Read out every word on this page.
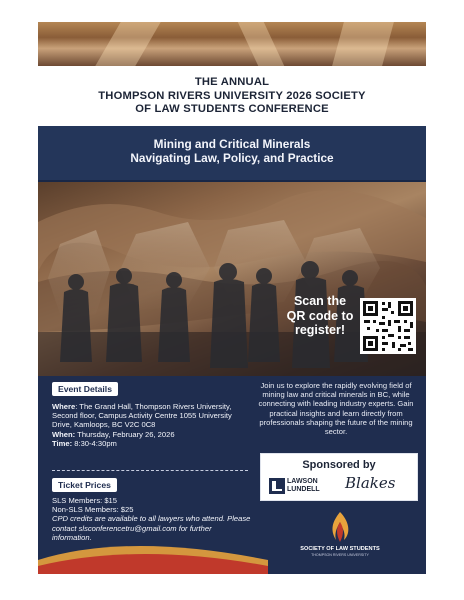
THE ANNUAL
THOMPSON RIVERS UNIVERSITY 2026 SOCIETY
OF LAW STUDENTS CONFERENCE
Mining and Critical Minerals
Navigating Law, Policy, and Practice
Scan the
QR code to
register!
Event Details
Where: The Grand Hall, Thompson Rivers University, Second floor, Campus Activity Centre 1055 University Drive, Kamloops, BC V2C 0C8
When: Thursday, February 26, 2026
Time: 8:30-4:30pm
Ticket Prices
SLS Members: $15
Non-SLS Members: $25
CPD credits are available to all lawyers who attend. Please contact slsconferencetru@gmail.com for further information.
Join us to explore the rapidly evolving field of mining law and critical minerals in BC, while connecting with leading industry experts. Gain practical insights and learn directly from professionals shaping the future of the mining sector.
Sponsored by
LAWSON
LUNDELL Blakes
SOCIETY OF LAW STUDENTS
THOMPSON RIVERS UNIVERSITY
